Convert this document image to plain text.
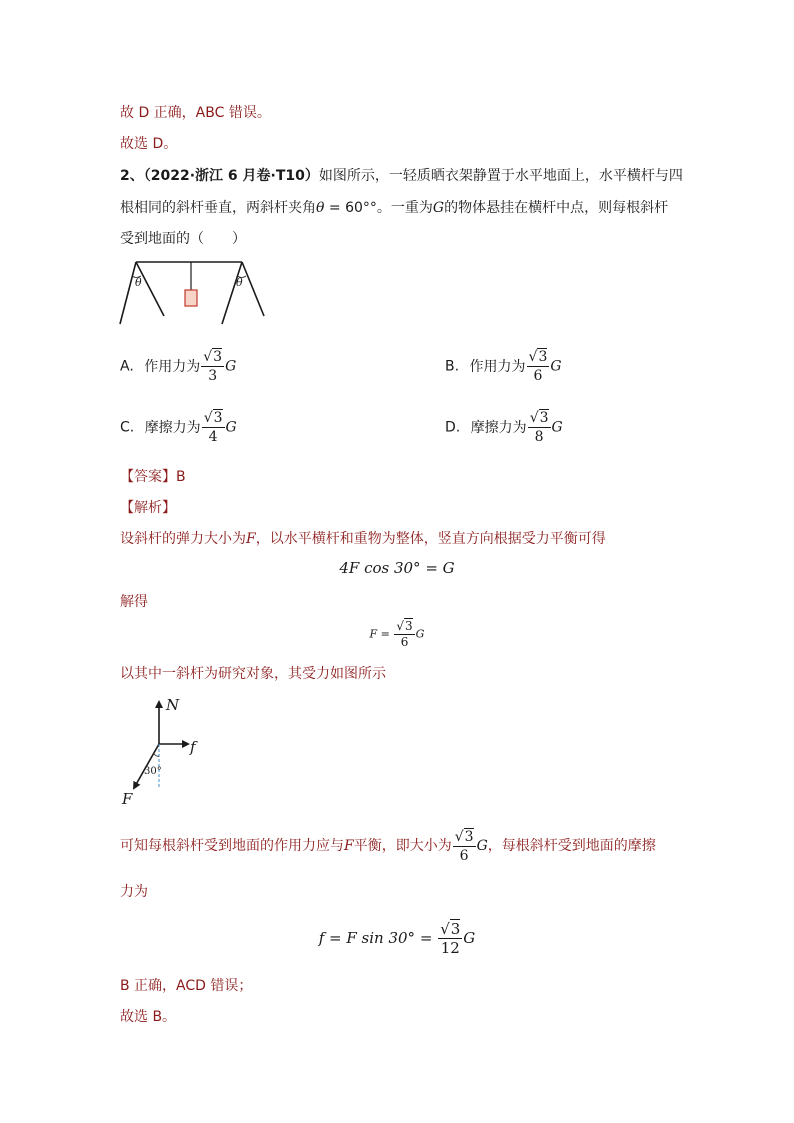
故 D 正确，ABC 错误。
故选 D。
2、（2022·浙江 6 月卷·T10）如图所示，一轻质晒衣架静置于水平地面上，水平横杆与四
根相同的斜杆垂直，两斜杆夹角θ = 60°°。一重为G的物体悬挂在横杆中点，则每根斜杆
受到地面的（　　）
θ	θ
A. 作用力为 $\frac{√3}{3}$ G	B. 作用力为 $\frac{√3}{6}$ G
C. 摩擦力为 $\frac{√3}{4}$ G	D. 摩擦力为 $\frac{√3}{8}$ G
【答案】B
【解析】
设斜杆的弹力大小为F，以水平横杆和重物为整体，竖直方向根据受力平衡可得
4F cos 30° = G
解得
$F = \frac{√3}{6}$ G
以其中一斜杆为研究对象，其受力如图所示
N
f
F
30°
可知每根斜杆受到地面的作用力应与F平衡，即大小为 $\frac{√3}{6}$ G，每根斜杆受到地面的摩擦
力为
f = F $\sin 30^\circ = \frac{√3}{12}$ G
B 正确，ACD 错误；
故选 B。
